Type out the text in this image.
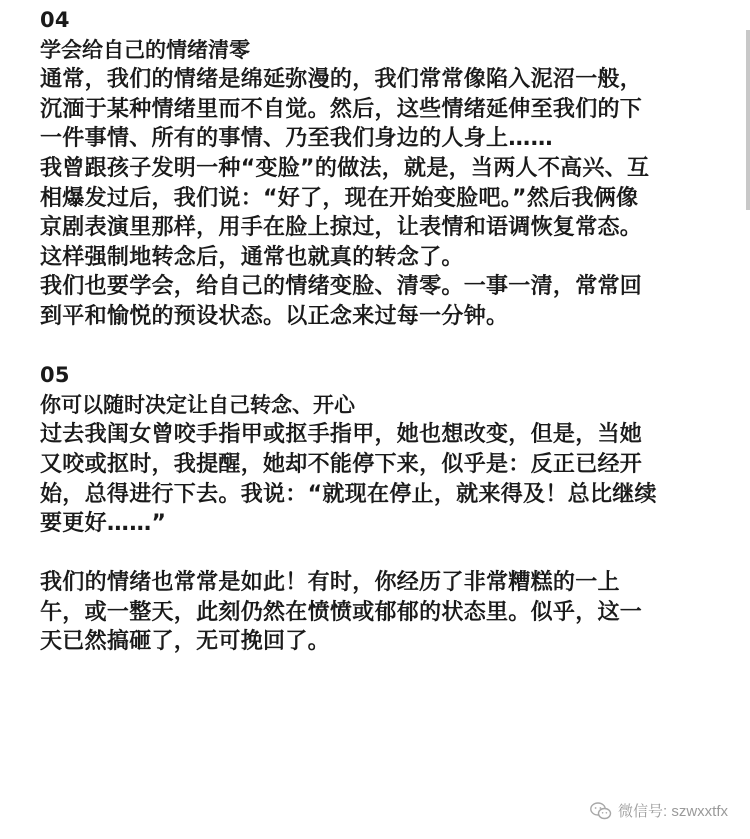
04
学会给自己的情绪清零
通常，我们的情绪是绵延弥漫的，我们常常像陷入泥沼一般，
沉湎于某种情绪里而不自觉。然后，这些情绪延伸至我们的下
一件事情、所有的事情、乃至我们身边的人身上……
我曾跟孩子发明一种“变脸”的做法，就是，当两人不高兴、互
相爆发过后，我们说：“好了，现在开始变脸吧。”然后我俩像
京剧表演里那样，用手在脸上掠过，让表情和语调恢复常态。
这样强制地转念后，通常也就真的转念了。
我们也要学会，给自己的情绪变脸、清零。一事一清，常常回
到平和愉悦的预设状态。以正念来过每一分钟。
05
你可以随时决定让自己转念、开心
过去我闺女曾咬手指甲或抠手指甲，她也想改变，但是，当她
又咬或抠时，我提醒，她却不能停下来，似乎是：反正已经开
始，总得进行下去。我说：“就现在停止，就来得及！总比继续
要更好……”
我们的情绪也常常是如此！有时，你经历了非常糟糕的一上
午，或一整天，此刻仍然在愤愤或郁郁的状态里。似乎，这一
天已然搞砸了，无可挽回了。
微信号: szwxxtfx
